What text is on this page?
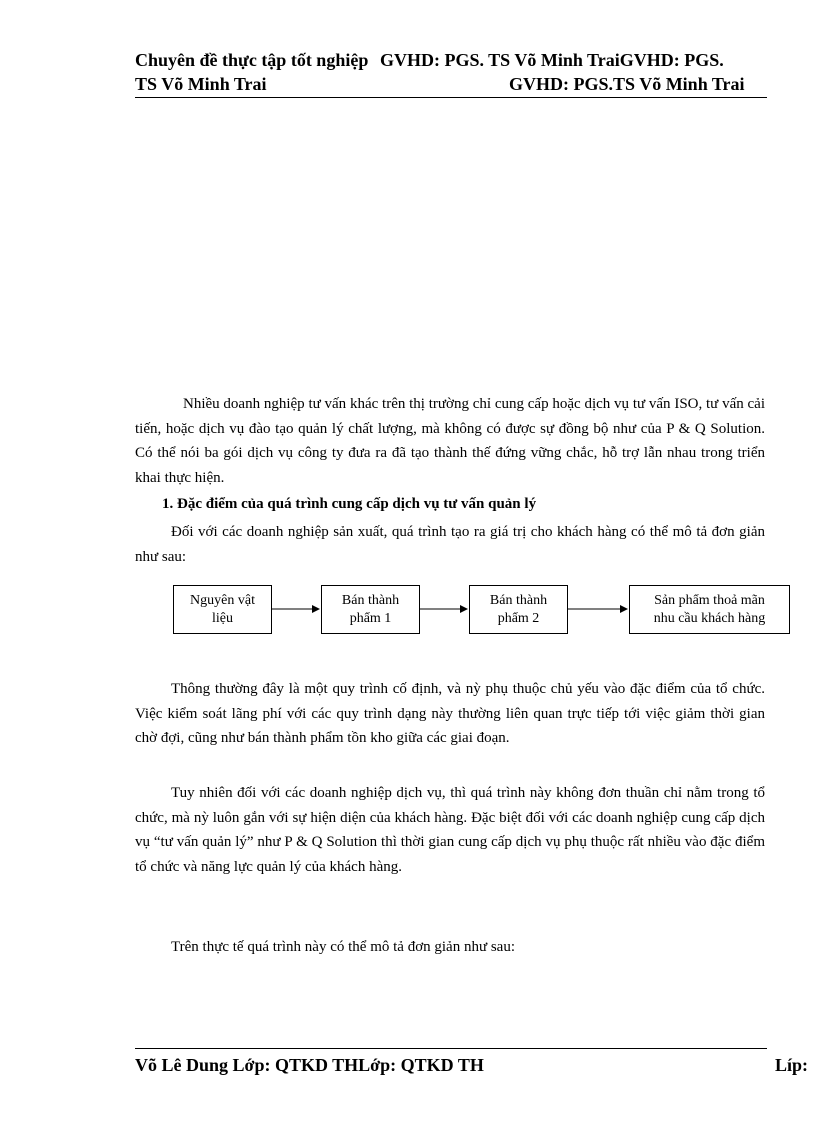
Chuyên đề thực tập tốt nghiệp GVHD: PGS. TS Võ Minh TraiGVHD: PGS.
TS Võ Minh Trai	GVHD: PGS.TS Võ Minh Trai

Nhiều doanh nghiệp tư vấn khác trên thị trường chỉ cung cấp hoặc dịch vụ tư vấn ISO, tư vấn cải tiến, hoặc dịch vụ đào tạo quản lý chất lượng, mà không có được sự đồng bộ như của P & Q Solution. Có thể nói ba gói dịch vụ công ty đưa ra đã tạo thành thế đứng vững chắc, hỗ trợ lẫn nhau trong triển khai thực hiện.

1. Đặc điểm của quá trình cung cấp dịch vụ tư vấn quản lý

Đối với các doanh nghiệp sản xuất, quá trình tạo ra giá trị cho khách hàng có thể mô tả đơn giản như sau:

Nguyên vật
liệu
Bán thành
phẩm 1
Bán thành
phẩm 2
Sản phẩm thoả mãn
nhu cầu khách hàng

Thông thường đây là một quy trình cố định, và nỳ phụ thuộc chủ yếu vào đặc điểm của tổ chức. Việc kiểm soát lãng phí với các quy trình dạng này thường liên quan trực tiếp tới việc giảm thời gian chờ đợi, cũng như bán thành phẩm tồn kho giữa các giai đoạn.

Tuy nhiên đối với các doanh nghiệp dịch vụ, thì quá trình này không đơn thuần chỉ nằm trong tổ chức, mà nỳ luôn gắn với sự hiện diện của khách hàng. Đặc biệt đối với các doanh nghiệp cung cấp dịch vụ “tư vấn quản lý” như P & Q Solution thì thời gian cung cấp dịch vụ phụ thuộc rất nhiều vào đặc điểm tổ chức và năng lực quản lý của khách hàng.

Trên thực tế quá trình này có thể mô tả đơn giản như sau:

Võ Lê Dung Lớp: QTKD THLớp: QTKD TH	Líp:
